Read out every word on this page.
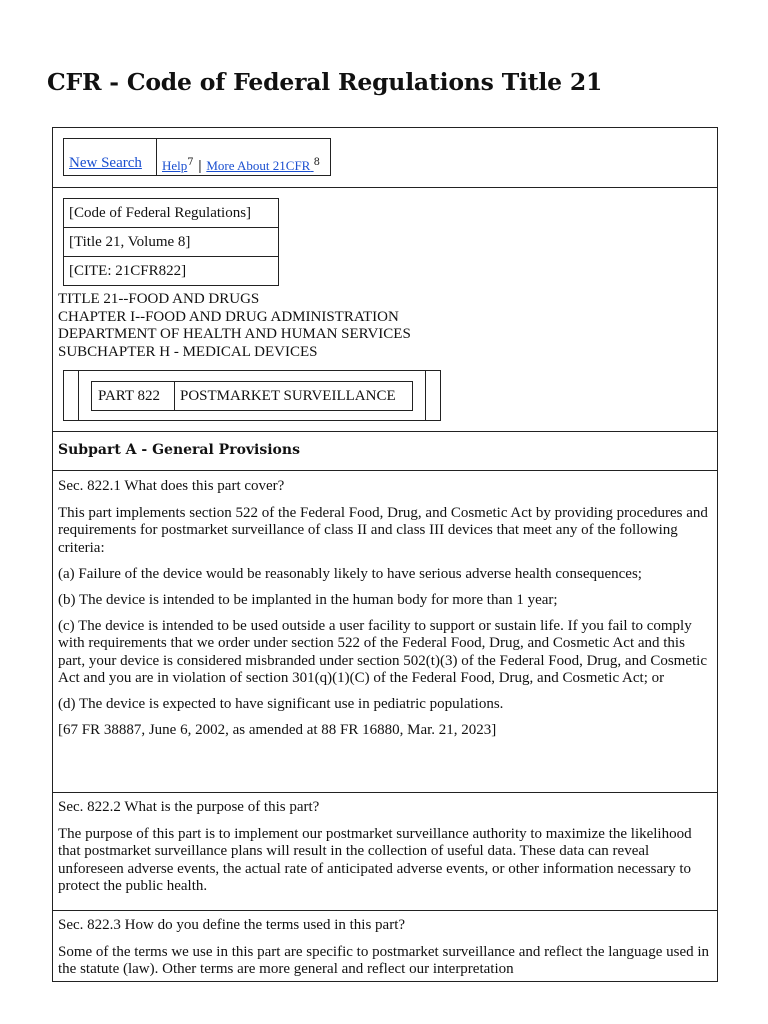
CFR - Code of Federal Regulations Title 21
New Search Help$^7$ | More About 21CFR $^8$
[Code of Federal Regulations]
[Title 21, Volume 8]
[CITE: 21CFR822]
TITLE 21--FOOD AND DRUGS
CHAPTER I--FOOD AND DRUG ADMINISTRATION
DEPARTMENT OF HEALTH AND HUMAN SERVICES
SUBCHAPTER H - MEDICAL DEVICES
PART 822 POSTMARKET SURVEILLANCE
Subpart A - General Provisions

Sec. 822.1 What does this part cover?

This part implements section 522 of the Federal Food, Drug, and Cosmetic Act by providing procedures and requirements for postmarket surveillance of class II and class III devices that meet any of the following criteria:

(a) Failure of the device would be reasonably likely to have serious adverse health consequences;

(b) The device is intended to be implanted in the human body for more than 1 year;

(c) The device is intended to be used outside a user facility to support or sustain life. If you fail to comply with requirements that we order under section 522 of the Federal Food, Drug, and Cosmetic Act and this part, your device is considered misbranded under section 502(t)(3) of the Federal Food, Drug, and Cosmetic Act and you are in violation of section 301(q)(1)(C) of the Federal Food, Drug, and Cosmetic Act; or

(d) The device is expected to have significant use in pediatric populations.

[67 FR 38887, June 6, 2002, as amended at 88 FR 16880, Mar. 21, 2023]

Sec. 822.2 What is the purpose of this part?

The purpose of this part is to implement our postmarket surveillance authority to maximize the likelihood that postmarket surveillance plans will result in the collection of useful data. These data can reveal unforeseen adverse events, the actual rate of anticipated adverse events, or other information necessary to protect the public health.

Sec. 822.3 How do you define the terms used in this part?

Some of the terms we use in this part are specific to postmarket surveillance and reflect the language used in the statute (law). Other terms are more general and reflect our interpretation
